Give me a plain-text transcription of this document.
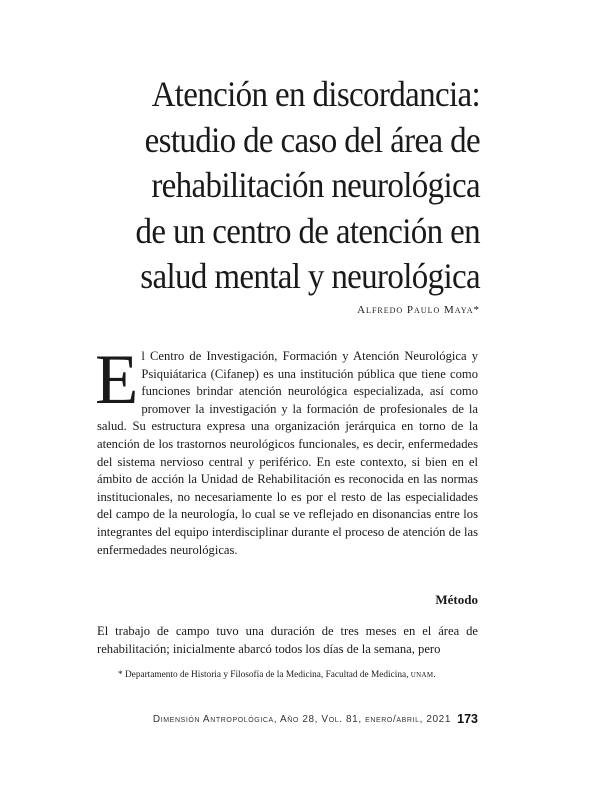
Atención en discordancia:
estudio de caso del área de
rehabilitación neurológica
de un centro de atención en
salud mental y neurológica
Alfredo Paulo Maya*
El Centro de Investigación, Formación y Atención Neurológica y Psiquiátarica (Cifanep) es una institución pública que tiene como funciones brindar atención neurológica especializada, así como promover la investigación y la formación de profesionales de la salud. Su estructura expresa una organización jerárquica en torno de la atención de los trastornos neurológicos funcionales, es decir, enfermedades del sistema nervioso central y periférico. En este contexto, si bien en el ámbito de acción la Unidad de Rehabilitación es reconocida en las normas institucionales, no necesariamente lo es por el resto de las especialidades del campo de la neurología, lo cual se ve reflejado en disonancias entre los integrantes del equipo interdisciplinar durante el proceso de atención de las enfermedades neurológicas.
Método
El trabajo de campo tuvo una duración de tres meses en el área de rehabilitación; inicialmente abarcó todos los días de la semana, pero
* Departamento de Historia y Filosofía de la Medicina, Facultad de Medicina, unam.
Dimensión Antropológica, Año 28, Vol. 81, enero/abril, 2021 173
